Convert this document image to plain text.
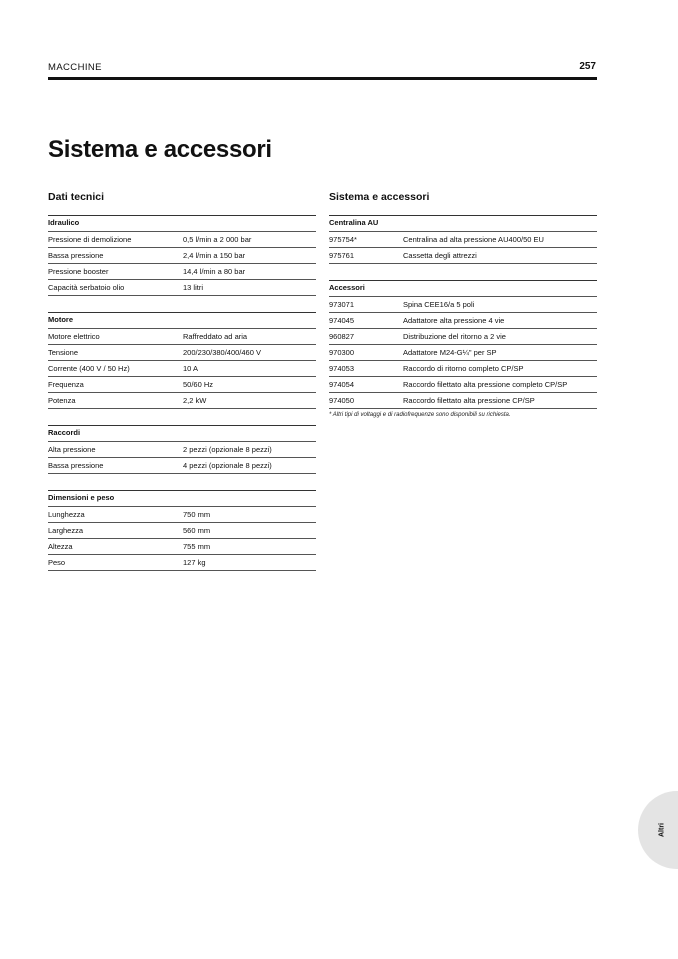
MACCHINE	257
Sistema e accessori
Dati tecnici
Idraulico
Pressione di demolizione	0,5 l/min a 2 000 bar
Bassa pressione	2,4 l/min a 150 bar
Pressione booster	14,4 l/min a 80 bar
Capacità serbatoio olio	13 litri
Motore
Motore elettrico	Raffreddato ad aria
Tensione	200/230/380/400/460 V
Corrente (400 V / 50 Hz)	10 A
Frequenza	50/60 Hz
Potenza	2,2 kW
Raccordi
Alta pressione	2 pezzi (opzionale 8 pezzi)
Bassa pressione	4 pezzi (opzionale 8 pezzi)
Dimensioni e peso
Lunghezza	750 mm
Larghezza	560 mm
Altezza	755 mm
Peso	127 kg
Sistema e accessori
Centralina AU
975754*	Centralina ad alta pressione AU400/50 EU
975761	Cassetta degli attrezzi
Accessori
973071	Spina CEE16/a 5 poli
974045	Adattatore alta pressione 4 vie
960827	Distribuzione del ritorno a 2 vie
970300	Adattatore M24-G¼" per SP
974053	Raccordo di ritorno completo CP/SP
974054	Raccordo filettato alta pressione completo CP/SP
974050	Raccordo filettato alta pressione CP/SP
* Altri tipi di voltaggi e di radiofrequenze sono disponibili su richiesta.
Altri
